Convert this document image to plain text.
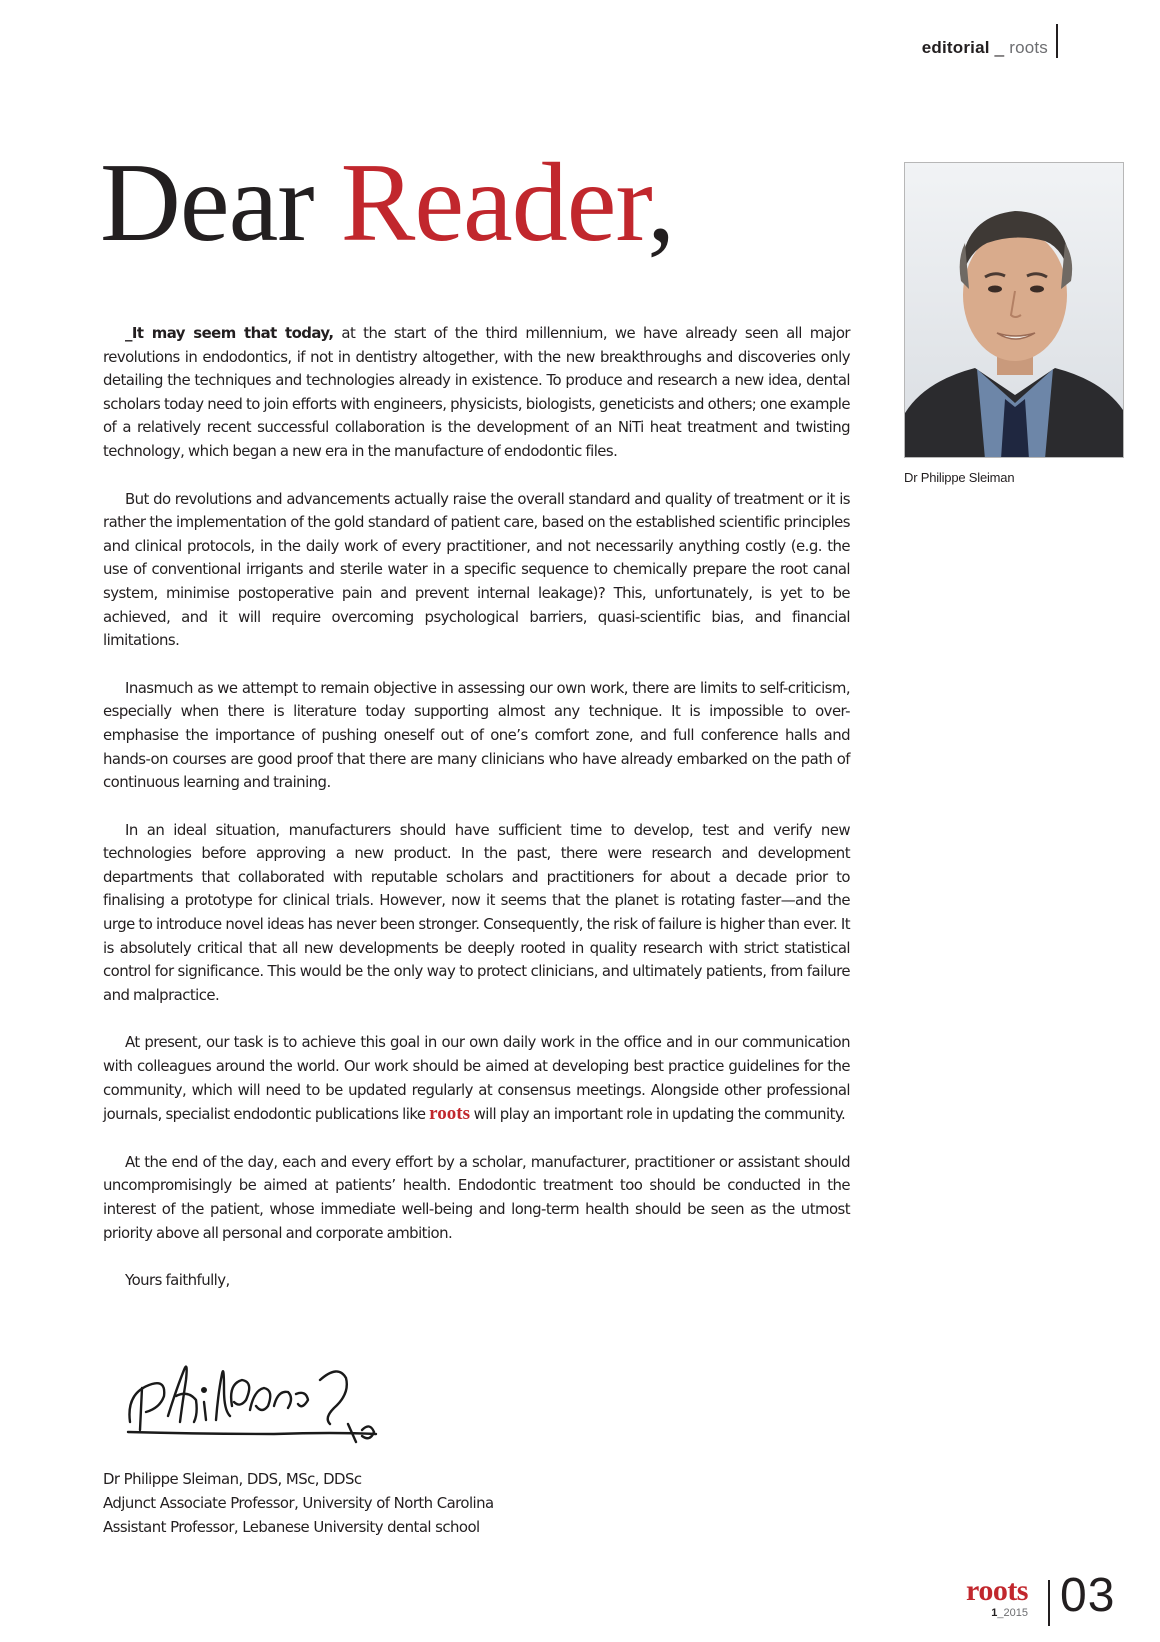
editorial _ roots
Dear Reader,
Dr Philippe Sleiman

_It may seem that today, at the start of the third millennium, we have already seen all major revolutions in endodontics, if not in dentistry altogether, with the new breakthroughs and discoveries only detailing the techniques and technologies already in existence. To produce and research a new idea, dental scholars today need to join efforts with engineers, physicists, biologists, geneticists and others; one example of a relatively recent successful collaboration is the development of an NiTi heat treatment and twisting technology, which began a new era in the manufacture of endodontic files.

But do revolutions and advancements actually raise the overall standard and quality of treatment or it is rather the implementation of the gold standard of patient care, based on the established scientific principles and clinical protocols, in the daily work of every practitioner, and not necessarily anything costly (e.g. the use of conventional irrigants and sterile water in a specific sequence to chemically prepare the root canal system, minimise postoperative pain and prevent internal leakage)? This, unfortunately, is yet to be achieved, and it will require overcoming psychological barriers, quasi-scientific bias, and financial limitations.

Inasmuch as we attempt to remain objective in assessing our own work, there are limits to self-criticism, especially when there is literature today supporting almost any technique. It is impossible to over-emphasise the importance of pushing oneself out of one’s comfort zone, and full conference halls and hands-on courses are good proof that there are many clinicians who have already embarked on the path of continuous learning and training.

In an ideal situation, manufacturers should have sufficient time to develop, test and verify new technologies before approving a new product. In the past, there were research and development departments that collaborated with reputable scholars and practitioners for about a decade prior to finalising a prototype for clinical trials. However, now it seems that the planet is rotating faster—and the urge to introduce novel ideas has never been stronger. Consequently, the risk of failure is higher than ever. It is absolutely critical that all new developments be deeply rooted in quality research with strict statistical control for significance. This would be the only way to protect clinicians, and ultimately patients, from failure and malpractice.

At present, our task is to achieve this goal in our own daily work in the office and in our communication with colleagues around the world. Our work should be aimed at developing best practice guidelines for the community, which will need to be updated regularly at consensus meetings. Alongside other professional journals, specialist endodontic publications like roots will play an important role in updating the community.

At the end of the day, each and every effort by a scholar, manufacturer, practitioner or assistant should uncompromisingly be aimed at patients’ health. Endodontic treatment too should be conducted in the interest of the patient, whose immediate well-being and long-term health should be seen as the utmost priority above all personal and corporate ambition.

Yours faithfully,

Dr Philippe Sleiman, DDS, MSc, DDSc
Adjunct Associate Professor, University of North Carolina
Assistant Professor, Lebanese University dental school
roots
1_2015 03
